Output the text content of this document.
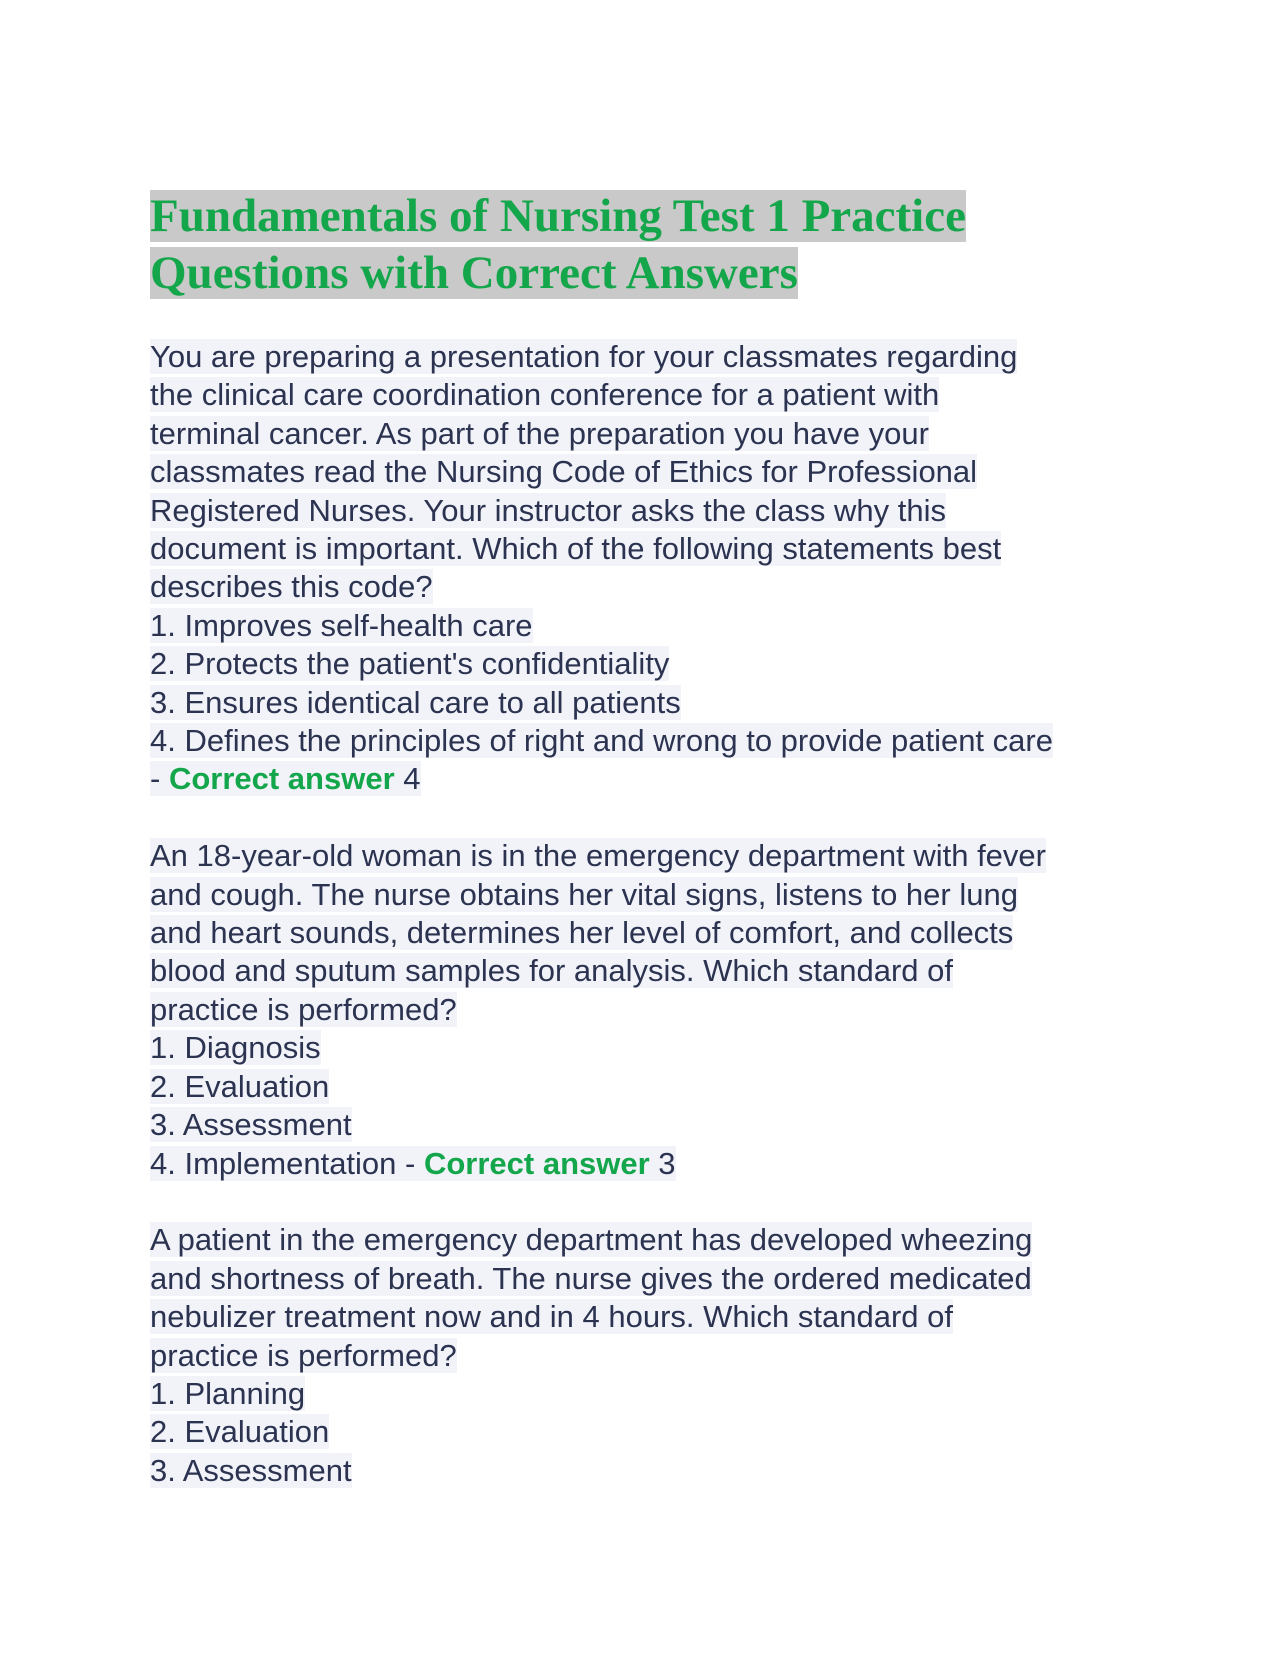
Fundamentals of Nursing Test 1 Practice
Questions with Correct Answers
You are preparing a presentation for your classmates regarding
the clinical care coordination conference for a patient with
terminal cancer. As part of the preparation you have your
classmates read the Nursing Code of Ethics for Professional
Registered Nurses. Your instructor asks the class why this
document is important. Which of the following statements best
describes this code?
1. Improves self-health care
2. Protects the patient's confidentiality
3. Ensures identical care to all patients
4. Defines the principles of right and wrong to provide patient care
- Correct answer 4
An 18-year-old woman is in the emergency department with fever
and cough. The nurse obtains her vital signs, listens to her lung
and heart sounds, determines her level of comfort, and collects
blood and sputum samples for analysis. Which standard of
practice is performed?
1. Diagnosis
2. Evaluation
3. Assessment
4. Implementation - Correct answer 3
A patient in the emergency department has developed wheezing
and shortness of breath. The nurse gives the ordered medicated
nebulizer treatment now and in 4 hours. Which standard of
practice is performed?
1. Planning
2. Evaluation
3. Assessment
